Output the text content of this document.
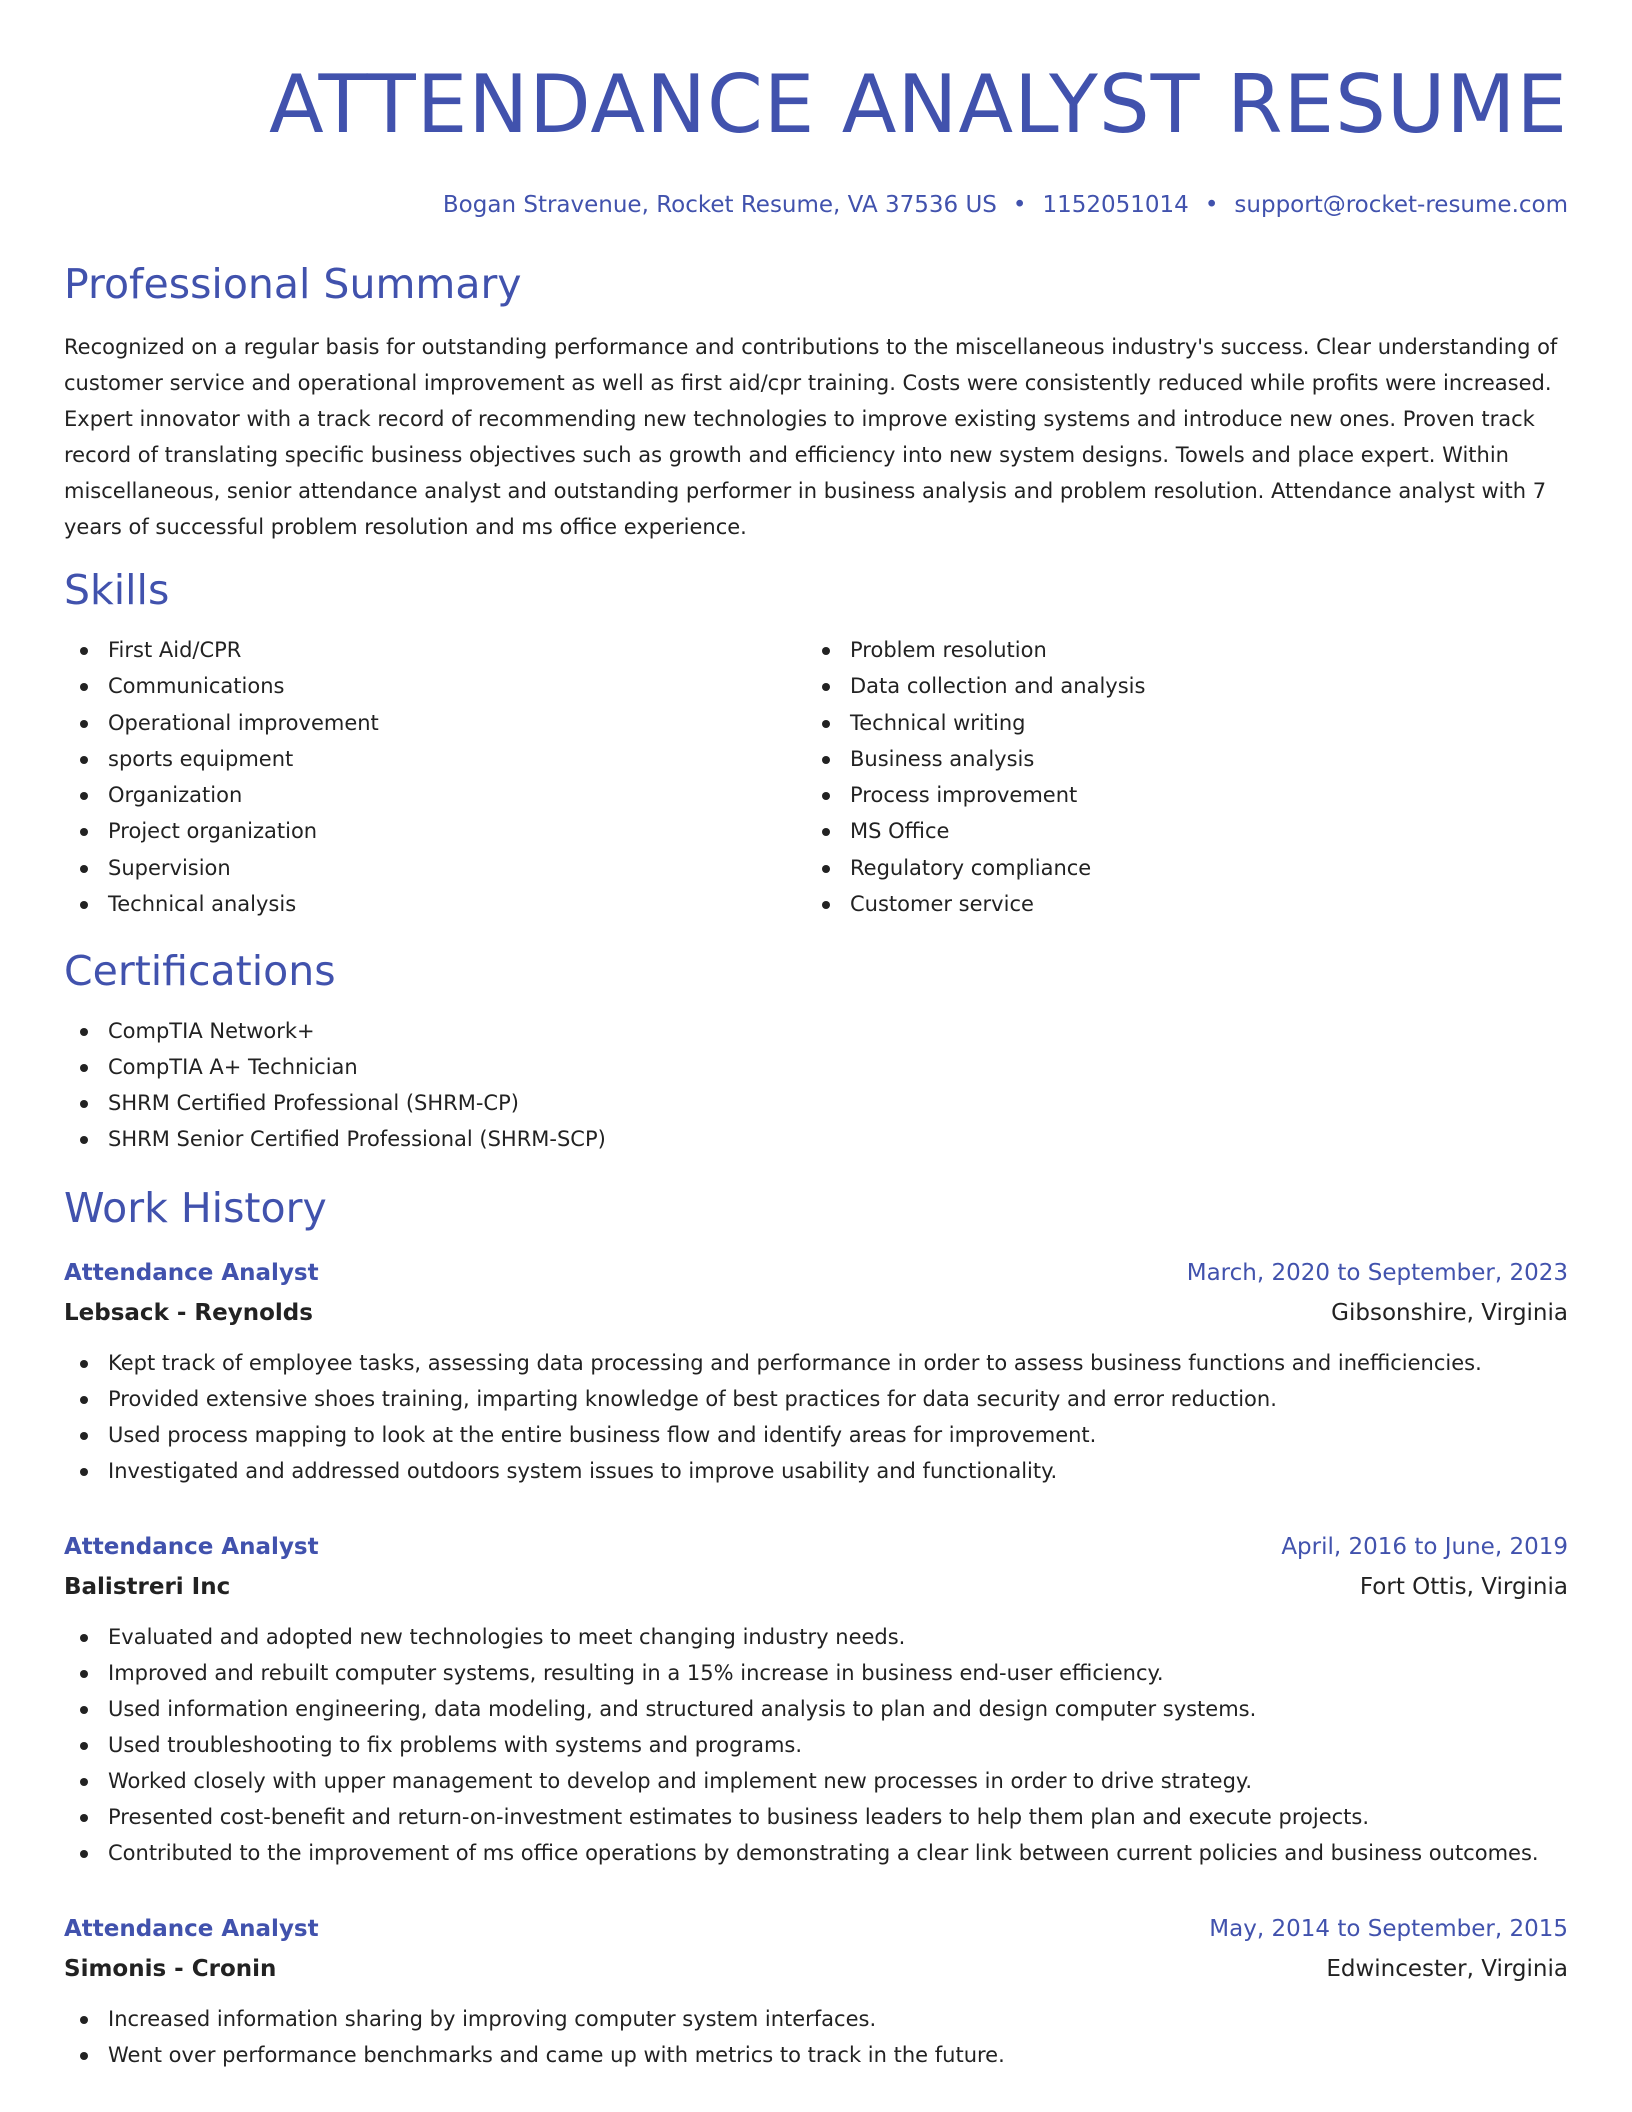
ATTENDANCE ANALYST RESUME
Bogan Stravenue, Rocket Resume, VA 37536 US • 1152051014 • support@rocket-resume.com
Professional Summary

Recognized on a regular basis for outstanding performance and contributions to the miscellaneous industry's success. Clear understanding of customer service and operational improvement as well as first aid/cpr training. Costs were consistently reduced while profits were increased. Expert innovator with a track record of recommending new technologies to improve existing systems and introduce new ones. Proven track record of translating specific business objectives such as growth and efficiency into new system designs. Towels and place expert. Within miscellaneous, senior attendance analyst and outstanding performer in business analysis and problem resolution. Attendance analyst with 7 years of successful problem resolution and ms office experience.

Skills
First Aid/CPR
Communications
Operational improvement
sports equipment
Organization
Project organization
Supervision
Technical analysis
Problem resolution
Data collection and analysis
Technical writing
Business analysis
Process improvement
MS Office
Regulatory compliance
Customer service
Certifications
CompTIA Network+
CompTIA A+ Technician
SHRM Certified Professional (SHRM-CP)
SHRM Senior Certified Professional (SHRM-SCP)
Work History
Attendance Analyst	March, 2020 to September, 2023
Lebsack - Reynolds	Gibsonshire, Virginia
Kept track of employee tasks, assessing data processing and performance in order to assess business functions and inefficiencies.
Provided extensive shoes training, imparting knowledge of best practices for data security and error reduction.
Used process mapping to look at the entire business flow and identify areas for improvement.
Investigated and addressed outdoors system issues to improve usability and functionality.
Attendance Analyst	April, 2016 to June, 2019
Balistreri Inc	Fort Ottis, Virginia
Evaluated and adopted new technologies to meet changing industry needs.
Improved and rebuilt computer systems, resulting in a 15% increase in business end-user efficiency.
Used information engineering, data modeling, and structured analysis to plan and design computer systems.
Used troubleshooting to fix problems with systems and programs.
Worked closely with upper management to develop and implement new processes in order to drive strategy.
Presented cost-benefit and return-on-investment estimates to business leaders to help them plan and execute projects.
Contributed to the improvement of ms office operations by demonstrating a clear link between current policies and business outcomes.
Attendance Analyst	May, 2014 to September, 2015
Simonis - Cronin	Edwincester, Virginia
Increased information sharing by improving computer system interfaces.
Went over performance benchmarks and came up with metrics to track in the future.
